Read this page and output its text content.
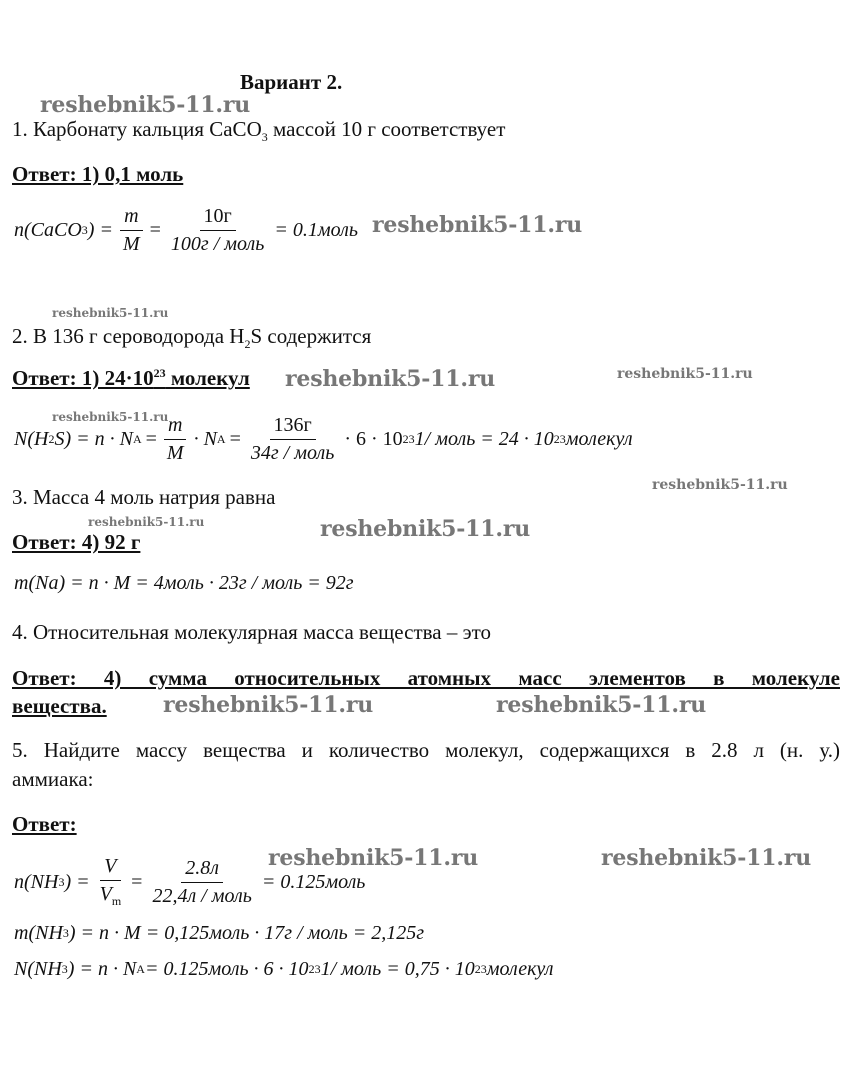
Вариант 2.
reshebnik5-11.ru
reshebnik5-11.ru
reshebnik5-11.ru
reshebnik5-11.ru	reshebnik5-11.ru
reshebnik5-11.ru
reshebnik5-11.ru
reshebnik5-11.ru	reshebnik5-11.ru
reshebnik5-11.ru	reshebnik5-11.ru
reshebnik5-11.ru	reshebnik5-11.ru
1. Карбонату кальция CaCO$_3$ массой 10 г соответствует
Ответ: 1) 0,1 моль
n(CaCO 3 ) = $\frac{m}{M} = \frac{10г}{\text{100г / моль}}$ = 0.1моль
2. В 136 г сероводорода $H_2S$ содержится
Ответ: 1) $24\cdot 10^{23}$ молекул
N(H 2 S) = n · N $A = \frac{m}{M} \cdot N$ $A = \frac{136г}{\text{34г / моль}} \cdot 6 \cdot 10$ 23 1/ моль = 24 · 10 23 молекул
3. Масса 4 моль натрия равна
Ответ: 4) 92 г
m(Na) = n · M = 4моль · 23г / моль = 92г
4. Относительная молекулярная масса вещества – это
Ответ: 4) сумма относительных атомных масс элементов в молекуле
вещества.
5. Найдите массу вещества и количество молекул, содержащихся в 2.8 л (н. у.)
аммиака:
Ответ:
n(NH 3 ) = $\frac{V}{V_m} = \frac{2.8л}{\text{22,4л / моль}}$ = 0.125моль
m(NH 3 ) = n · M = 0,125моль · 17г / моль = 2,125г
N(NH 3 ) = n · N A = 0.125моль · 6 · 10 23 1/ моль = 0,75 · 10 23 молекул
